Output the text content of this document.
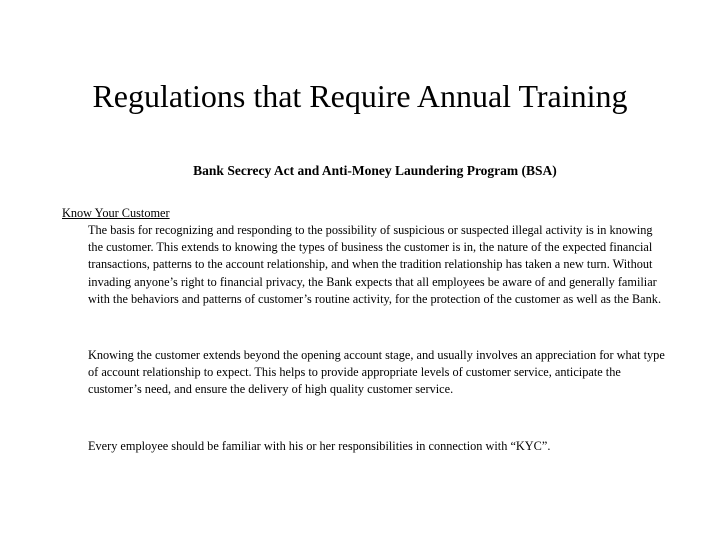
Regulations that Require Annual Training
Bank Secrecy Act and Anti-Money Laundering Program (BSA)
Know Your Customer

The basis for recognizing and responding to the possibility of suspicious or suspected illegal activity is in knowing the customer. This extends to knowing the types of business the customer is in, the nature of the expected financial transactions, patterns to the account relationship, and when the tradition relationship has taken a new turn. Without invading anyone’s right to financial privacy, the Bank expects that all employees be aware of and generally familiar with the behaviors and patterns of customer’s routine activity, for the protection of the customer as well as the Bank.

Knowing the customer extends beyond the opening account stage, and usually involves an appreciation for what type of account relationship to expect. This helps to provide appropriate levels of customer service, anticipate the customer’s need, and ensure the delivery of high quality customer service.

Every employee should be familiar with his or her responsibilities in connection with “KYC”.
